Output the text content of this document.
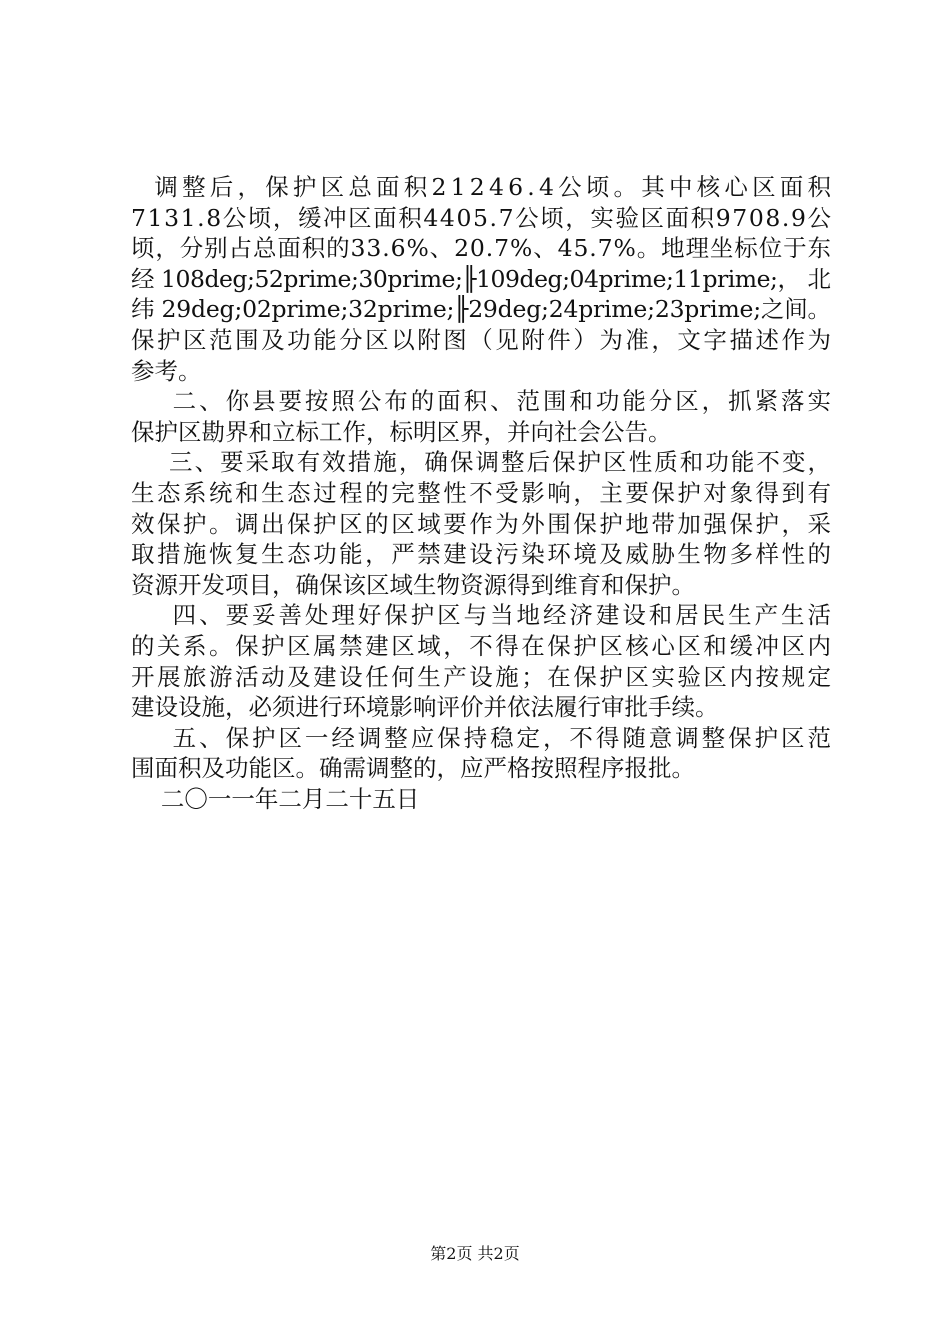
调整后，保护区总面积21246.4公顷。其中核心区面积
7131.8公顷，缓冲区面积4405.7公顷，实验区面积9708.9公
顷，分别占总面积的33.6%、20.7%、45.7%。地理坐标位于东
经 108deg;52prime;30prime;╟109deg;04prime;11prime;， 北
纬 29deg;02prime;32prime;╟29deg;24prime;23prime;之间。
保护区范围及功能分区以附图（见附件）为准，文字描述作为
参考。
二、你县要按照公布的面积、范围和功能分区，抓紧落实
保护区勘界和立标工作，标明区界，并向社会公告。
三、要采取有效措施，确保调整后保护区性质和功能不变，
生态系统和生态过程的完整性不受影响，主要保护对象得到有
效保护。调出保护区的区域要作为外围保护地带加强保护，采
取措施恢复生态功能，严禁建设污染环境及威胁生物多样性的
资源开发项目，确保该区域生物资源得到维育和保护。
四、要妥善处理好保护区与当地经济建设和居民生产生活
的关系。保护区属禁建区域，不得在保护区核心区和缓冲区内
开展旅游活动及建设任何生产设施；在保护区实验区内按规定
建设设施，必须进行环境影响评价并依法履行审批手续。
五、保护区一经调整应保持稳定，不得随意调整保护区范
围面积及功能区。确需调整的，应严格按照程序报批。
二〇一一年二月二十五日
第2页 共2页
